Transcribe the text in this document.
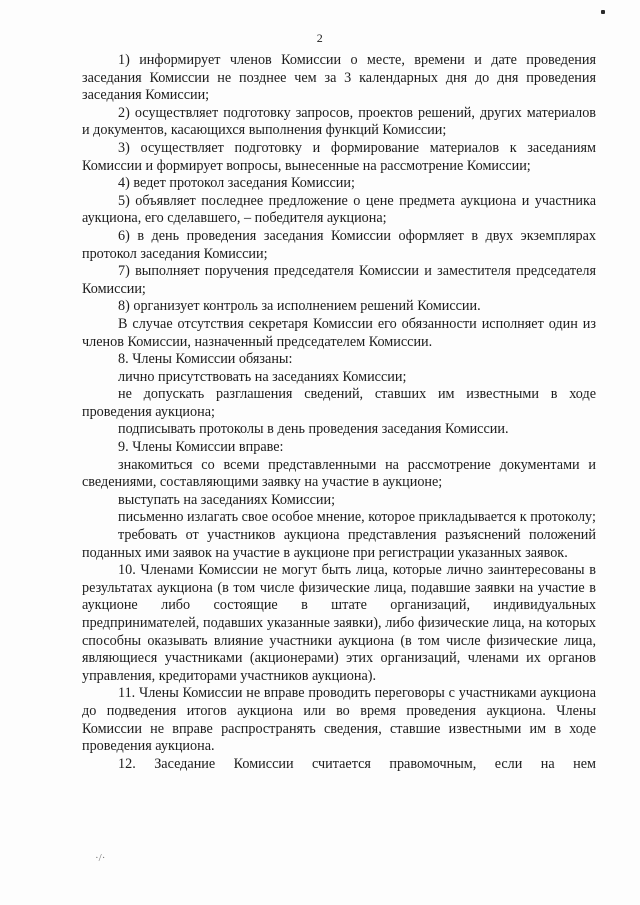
2

1) информирует членов Комиссии о месте, времени и дате проведения заседания Комиссии не позднее чем за 3 календарных дня до дня проведения заседания Комиссии;

2) осуществляет подготовку запросов, проектов решений, других материалов и документов, касающихся выполнения функций Комиссии;

3) осуществляет подготовку и формирование материалов к заседаниям Комиссии и формирует вопросы, вынесенные на рассмотрение Комиссии;

4) ведет протокол заседания Комиссии;

5) объявляет последнее предложение о цене предмета аукциона и участника аукциона, его сделавшего, – победителя аукциона;

6) в день проведения заседания Комиссии оформляет в двух экземплярах протокол заседания Комиссии;

7) выполняет поручения председателя Комиссии и заместителя председателя Комиссии;

8) организует контроль за исполнением решений Комиссии.

В случае отсутствия секретаря Комиссии его обязанности исполняет один из членов Комиссии, назначенный председателем Комиссии.

8. Члены Комиссии обязаны:

лично присутствовать на заседаниях Комиссии;

не допускать разглашения сведений, ставших им известными в ходе проведения аукциона;

подписывать протоколы в день проведения заседания Комиссии.

9. Члены Комиссии вправе:

знакомиться со всеми представленными на рассмотрение документами и сведениями, составляющими заявку на участие в аукционе;

выступать на заседаниях Комиссии;

письменно излагать свое особое мнение, которое прикладывается к протоколу;

требовать от участников аукциона представления разъяснений положений поданных ими заявок на участие в аукционе при регистрации указанных заявок.

10. Членами Комиссии не могут быть лица, которые лично заинтересованы в результатах аукциона (в том числе физические лица, подавшие заявки на участие в аукционе либо состоящие в штате организаций, индивидуальных предпринимателей, подавших указанные заявки), либо физические лица, на которых способны оказывать влияние участники аукциона (в том числе физические лица, являющиеся участниками (акционерами) этих организаций, членами их органов управления, кредиторами участников аукциона).

11. Члены Комиссии не вправе проводить переговоры с участниками аукциона до подведения итогов аукциона или во время проведения аукциона. Члены Комиссии не вправе распространять сведения, ставшие известными им в ходе проведения аукциона.

12. Заседание Комиссии считается правомочным, если на нем

·/·
